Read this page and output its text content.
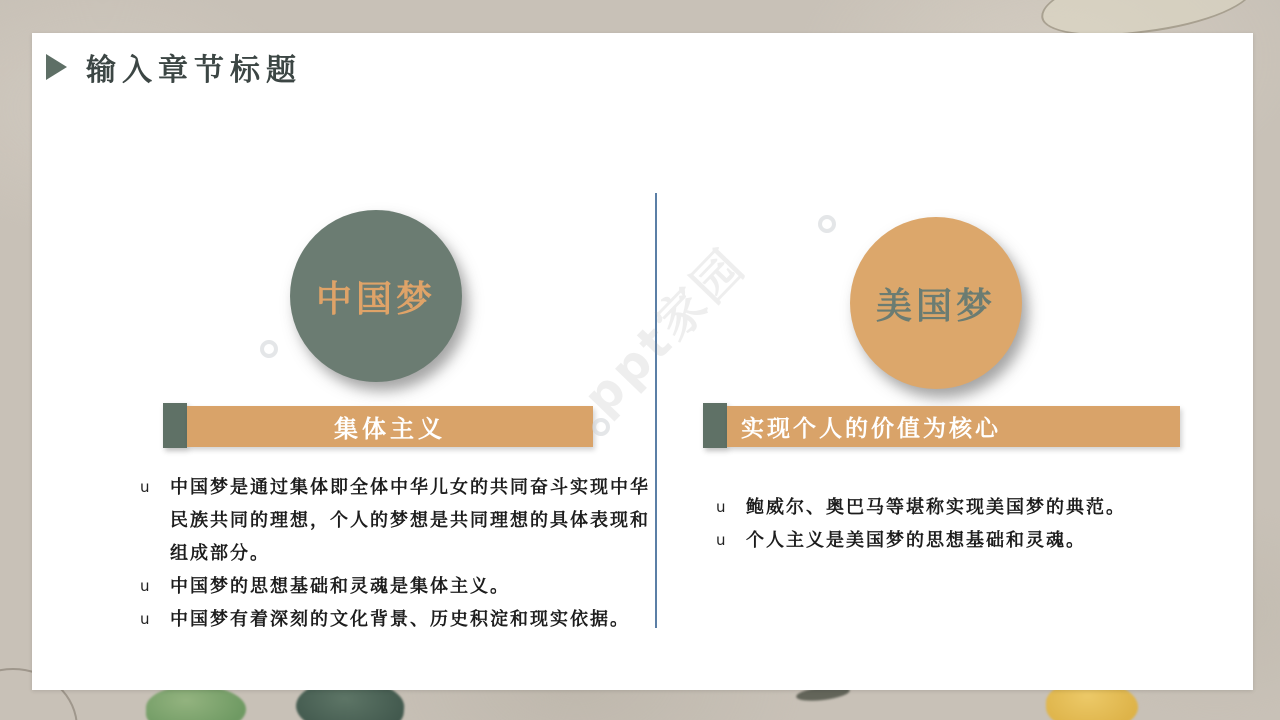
输入章节标题
中国梦
集体主义
u	中国梦是通过集体即全体中华儿女的共同奋斗实现中华民族共同的理想，个人的梦想是共同理想的具体表现和组成部分。
u	中国梦的思想基础和灵魂是集体主义。
u	中国梦有着深刻的文化背景、历史积淀和现实依据。
美国梦
实现个人的价值为核心
u	鲍威尔、奥巴马等堪称实现美国梦的典范。
u	个人主义是美国梦的思想基础和灵魂。
ppt家园
